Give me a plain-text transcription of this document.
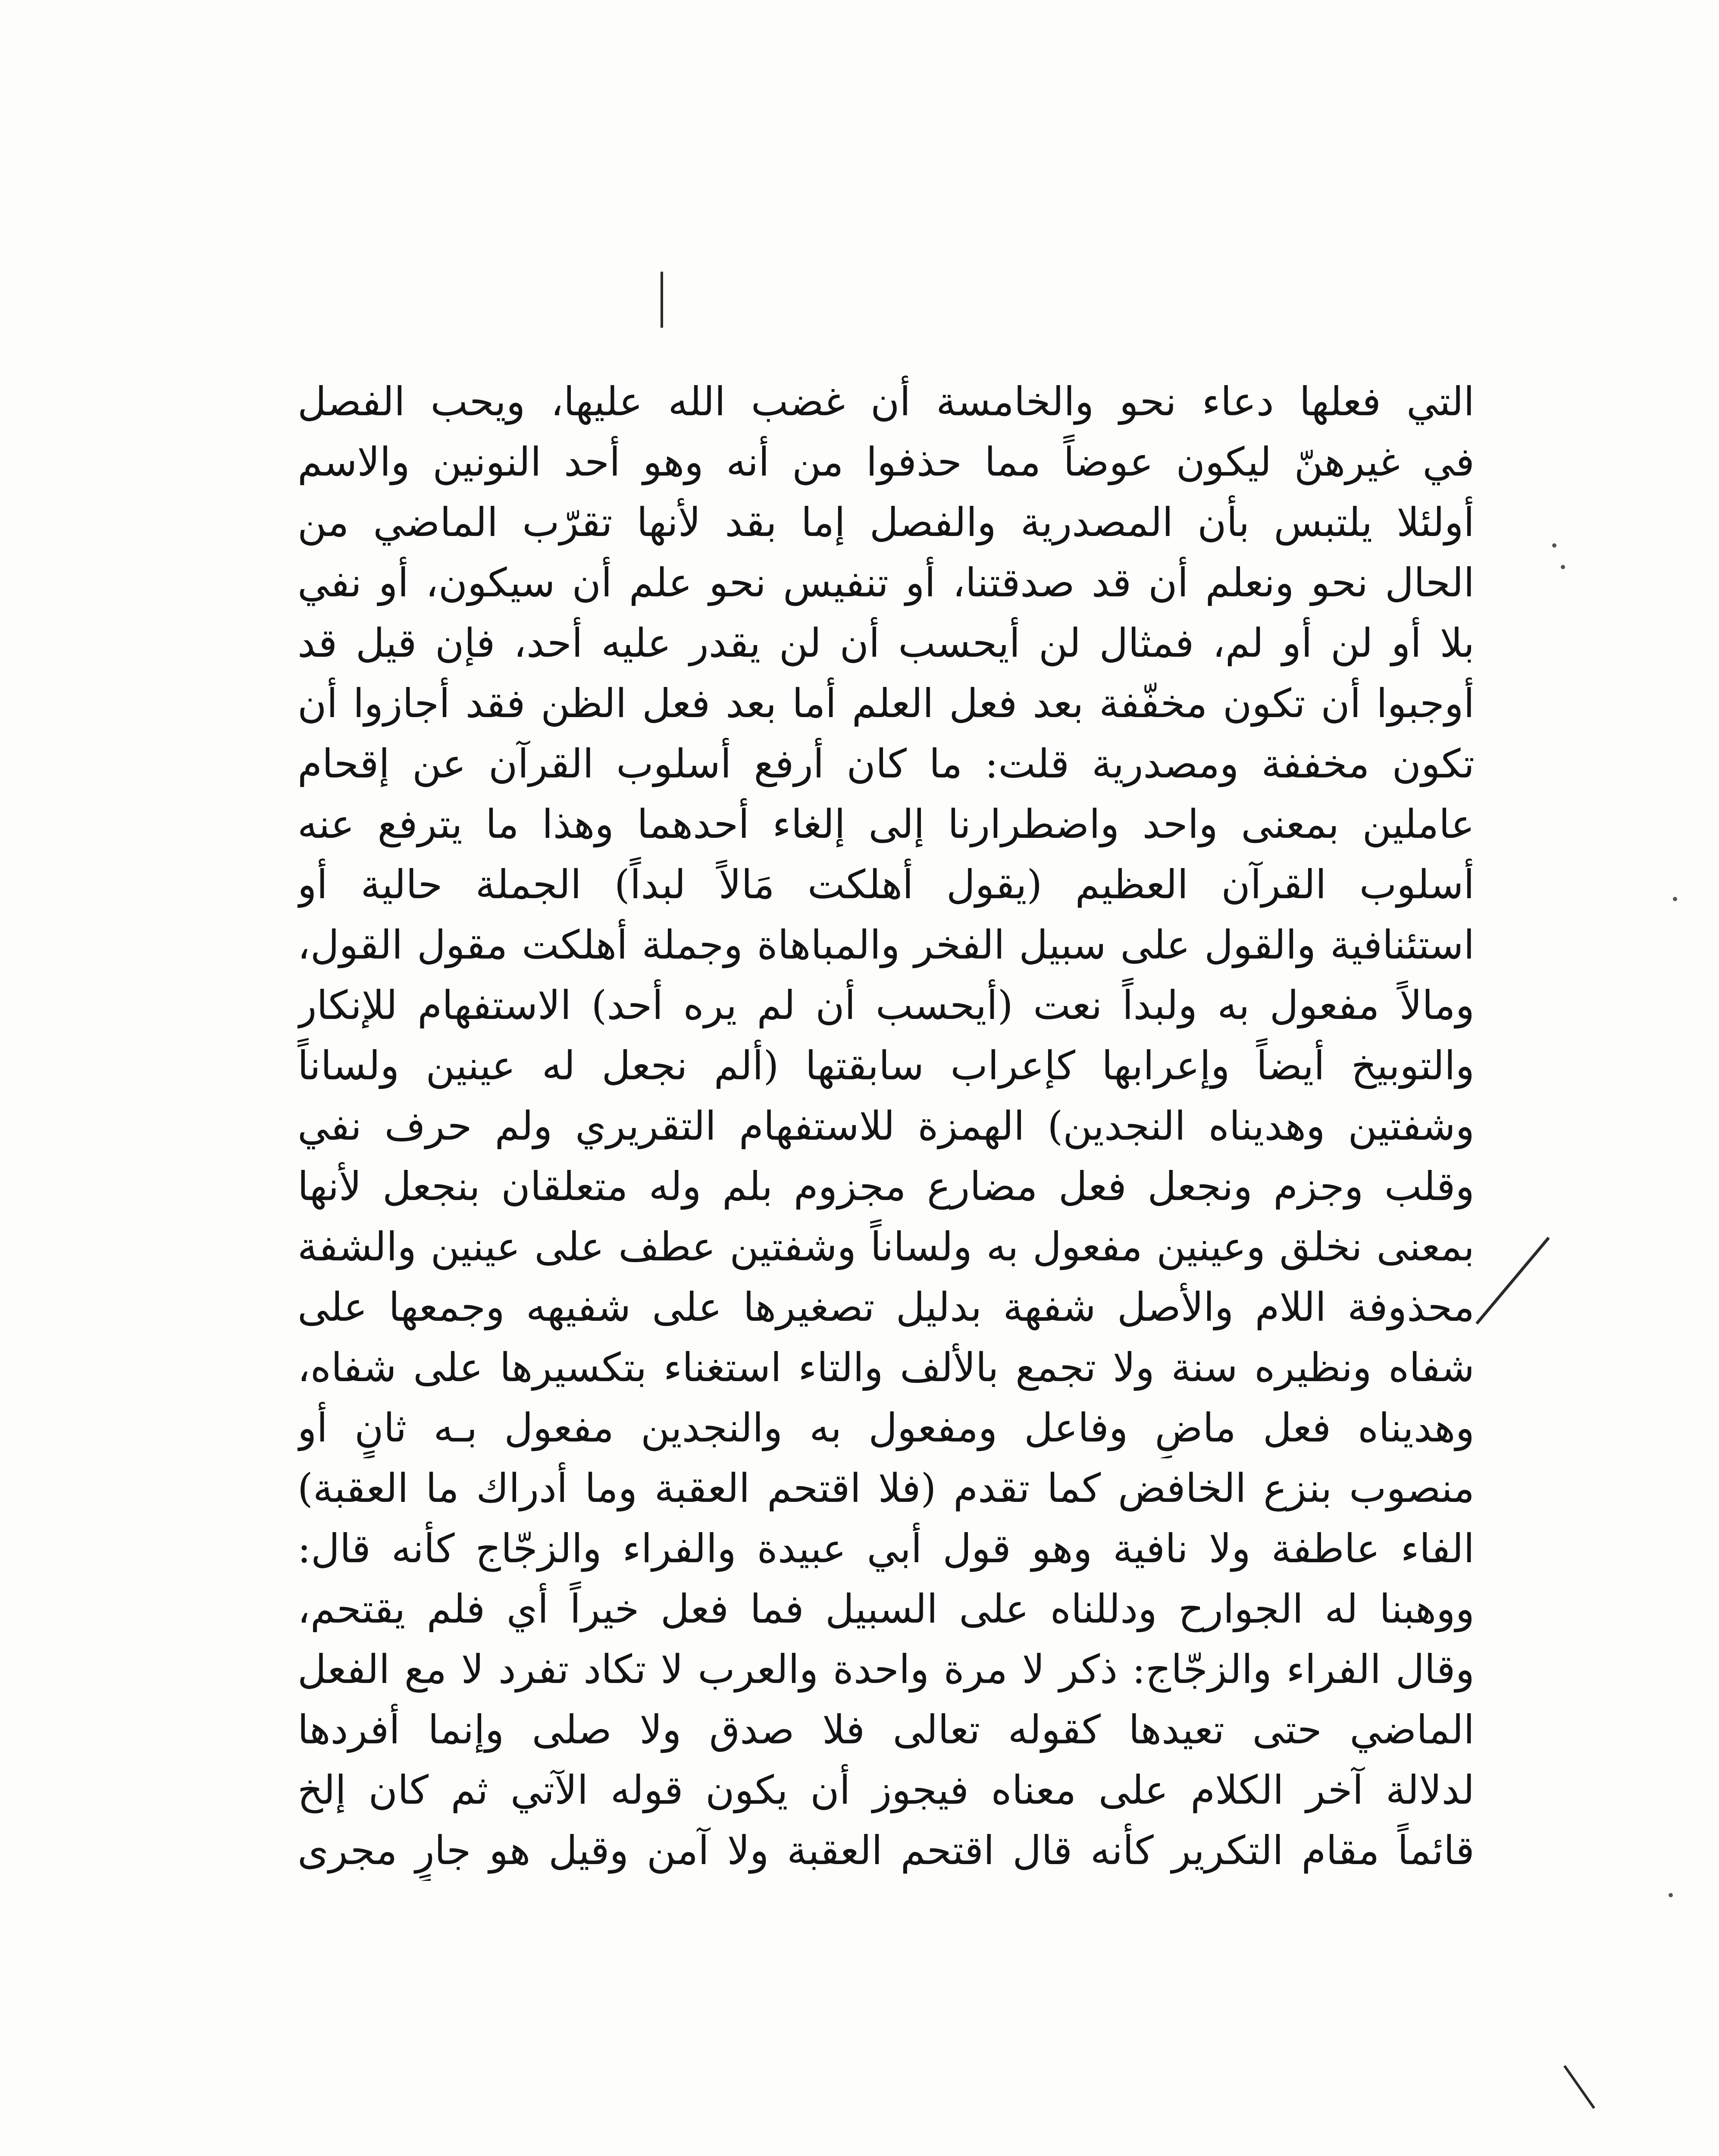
التي فعلها دعاء نحو والخامسة أن غضب الله عليها، ويحب الفصل
في غيرهنّ ليكون عوضاً مما حذفوا من أنه وهو أحد النونين والاسم
أولئلا يلتبس بأن المصدرية والفصل إما بقد لأنها تقرّب الماضي من
الحال نحو ونعلم أن قد صدقتنا، أو تنفيس نحو علم أن سيكون، أو نفي
بلا أو لن أو لم، فمثال لن أيحسب أن لن يقدر عليه أحد، فإن قيل قد
أوجبوا أن تكون مخفّفة بعد فعل العلم أما بعد فعل الظن فقد أجازوا أن
تكون مخففة ومصدرية قلت: ما كان أرفع أسلوب القرآن عن إقحام
عاملين بمعنى واحد واضطرارنا إلى إلغاء أحدهما وهذا ما يترفع عنه
أسلوب القرآن العظيم (يقول أهلكت مَالاً لبداً) الجملة حالية أو
استئنافية والقول على سبيل الفخر والمباهاة وجملة أهلكت مقول القول،
ومالاً مفعول به ولبداً نعت (أيحسب أن لم يره أحد) الاستفهام للإنكار
والتوبيخ أيضاً وإعرابها كإعراب سابقتها (ألم نجعل له عينين ولساناً
وشفتين وهديناه النجدين) الهمزة للاستفهام التقريري ولم حرف نفي
وقلب وجزم ونجعل فعل مضارع مجزوم بلم وله متعلقان بنجعل لأنها
بمعنى نخلق وعينين مفعول به ولساناً وشفتين عطف على عينين والشفة
محذوفة اللام والأصل شفهة بدليل تصغيرها على شفيهه وجمعها على
شفاه ونظيره سنة ولا تجمع بالألف والتاء استغناء بتكسيرها على شفاه،
وهديناه فعل ماضٍ وفاعل ومفعول به والنجدين مفعول بـه ثانٍ أو
منصوب بنزع الخافض كما تقدم (فلا اقتحم العقبة وما أدراك ما العقبة)
الفاء عاطفة ولا نافية وهو قول أبي عبيدة والفراء والزجّاج كأنه قال:
ووهبنا له الجوارح ودللناه على السبيل فما فعل خيراً أي فلم يقتحم،
وقال الفراء والزجّاج: ذكر لا مرة واحدة والعرب لا تكاد تفرد لا مع الفعل
الماضي حتى تعيدها كقوله تعالى فلا صدق ولا صلى وإنما أفردها
لدلالة آخر الكلام على معناه فيجوز أن يكون قوله الآتي ثم كان إلخ
قائماً مقام التكرير كأنه قال اقتحم العقبة ولا آمن وقيل هو جارٍ مجرى
